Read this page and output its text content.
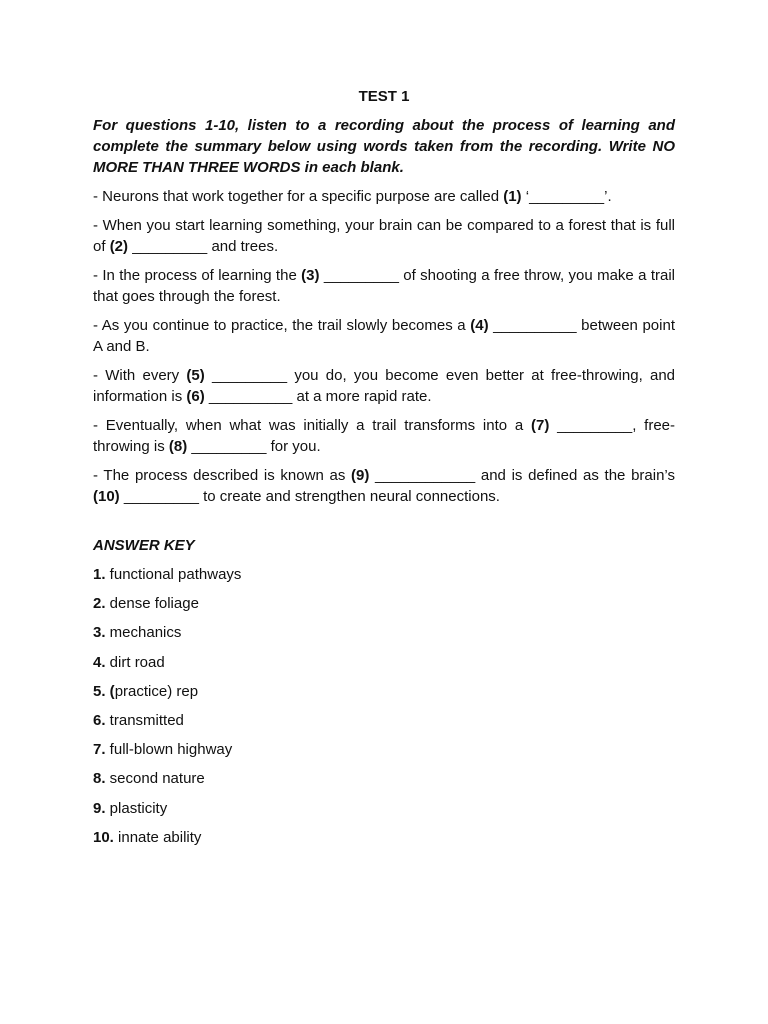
TEST 1
For questions 1-10, listen to a recording about the process of learning and complete the summary below using words taken from the recording. Write NO MORE THAN THREE WORDS in each blank.

- Neurons that work together for a specific purpose are called (1) ‘_________’.

- When you start learning something, your brain can be compared to a forest that is full of (2) _________ and trees.

- In the process of learning the (3) _________ of shooting a free throw, you make a trail that goes through the forest.

- As you continue to practice, the trail slowly becomes a (4) __________ between point A and B.

- With every (5) _________ you do, you become even better at free-throwing, and information is (6) __________ at a more rapid rate.

- Eventually, when what was initially a trail transforms into a (7) _________, free-throwing is (8) _________ for you.

- The process described is known as (9) ____________ and is defined as the brain’s (10) _________ to create and strengthen neural connections.

ANSWER KEY

1. functional pathways

2. dense foliage

3. mechanics

4. dirt road

5. (practice) rep

6. transmitted

7. full-blown highway

8. second nature

9. plasticity

10. innate ability
